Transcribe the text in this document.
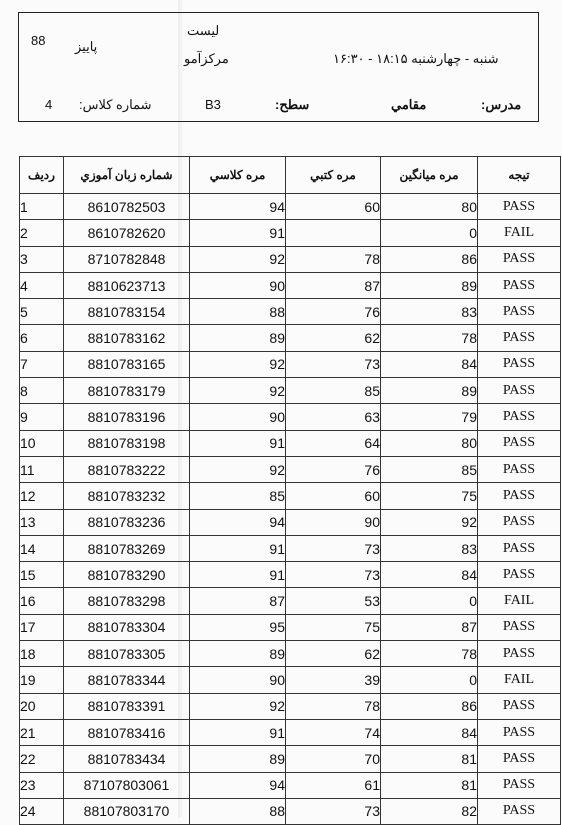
88 پاییز
لیست
مرکزآمو	شنبه - چهارشنبه ۱۸:۱۵ - ۱۶:۳۰
4 شماره کلاس:	B3	سطح:	مقامي	مدرس:
ردیف	شماره زبان آموزي	مره كلاسي	مره كتبي	مره میانگین	تیجه
1	8610782503	94	60	80	PASS
2	8610782620	91		0	FAIL
3	8710782848	92	78	86	PASS
4	8810623713	90	87	89	PASS
5	8810783154	88	76	83	PASS
6	8810783162	89	62	78	PASS
7	8810783165	92	73	84	PASS
8	8810783179	92	85	89	PASS
9	8810783196	90	63	79	PASS
10	8810783198	91	64	80	PASS
11	8810783222	92	76	85	PASS
12	8810783232	85	60	75	PASS
13	8810783236	94	90	92	PASS
14	8810783269	91	73	83	PASS
15	8810783290	91	73	84	PASS
16	8810783298	87	53	0	FAIL
17	8810783304	95	75	87	PASS
18	8810783305	89	62	78	PASS
19	8810783344	90	39	0	FAIL
20	8810783391	92	78	86	PASS
21	8810783416	91	74	84	PASS
22	8810783434	89	70	81	PASS
23	87107803061	94	61	81	PASS
24	88107803170	88	73	82	PASS
